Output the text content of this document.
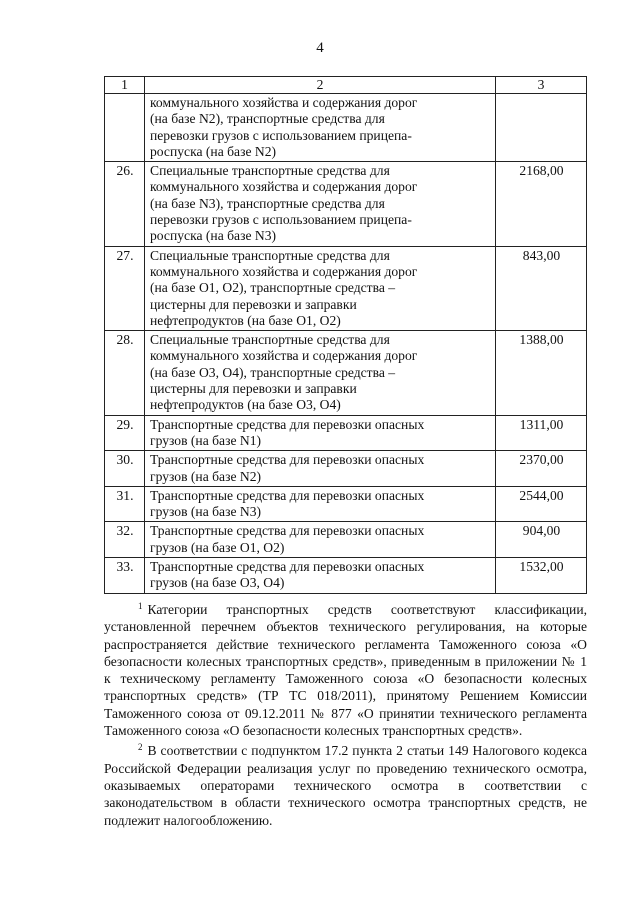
4
1	2	3

	коммунального хозяйства и содержания дорог
(на базе N2), транспортные средства для
перевозки грузов с использованием прицепа-
роспуска (на базе N2)	

26.	Специальные транспортные средства для
коммунального хозяйства и содержания дорог
(на базе N3), транспортные средства для
перевозки грузов с использованием прицепа-
роспуска (на базе N3)	2168,00
27.	Специальные транспортные средства для
коммунального хозяйства и содержания дорог
(на базе O1, O2), транспортные средства –
цистерны для перевозки и заправки
нефтепродуктов (на базе O1, O2)	843,00
28.	Специальные транспортные средства для
коммунального хозяйства и содержания дорог
(на базе O3, O4), транспортные средства –
цистерны для перевозки и заправки
нефтепродуктов (на базе O3, O4)	1388,00
29.	Транспортные средства для перевозки опасных
грузов (на базе N1)	1311,00
30.	Транспортные средства для перевозки опасных
грузов (на базе N2)	2370,00
31.	Транспортные средства для перевозки опасных
грузов (на базе N3)	2544,00
32.	Транспортные средства для перевозки опасных
грузов (на базе O1, O2)	904,00
33.	Транспортные средства для перевозки опасных
грузов (на базе O3, O4)	1532,00

$^1$ Категории транспортных средств соответствуют классификации, установленной перечнем объектов технического регулирования, на которые распространяется действие технического регламента Таможенного союза «О безопасности колесных транспортных средств», приведенным в приложении № 1 к техническому регламенту Таможенного союза «О безопасности колесных транспортных средств» (ТР ТС 018/2011), принятому Решением Комиссии Таможенного союза от 09.12.2011 № 877 «О принятии технического регламента Таможенного союза «О безопасности колесных транспортных средств».

$^2$ В соответствии с подпунктом 17.2 пункта 2 статьи 149 Налогового кодекса Российской Федерации реализация услуг по проведению технического осмотра, оказываемых операторами технического осмотра в соответствии с законодательством в области технического осмотра транспортных средств, не подлежит налогообложению.
